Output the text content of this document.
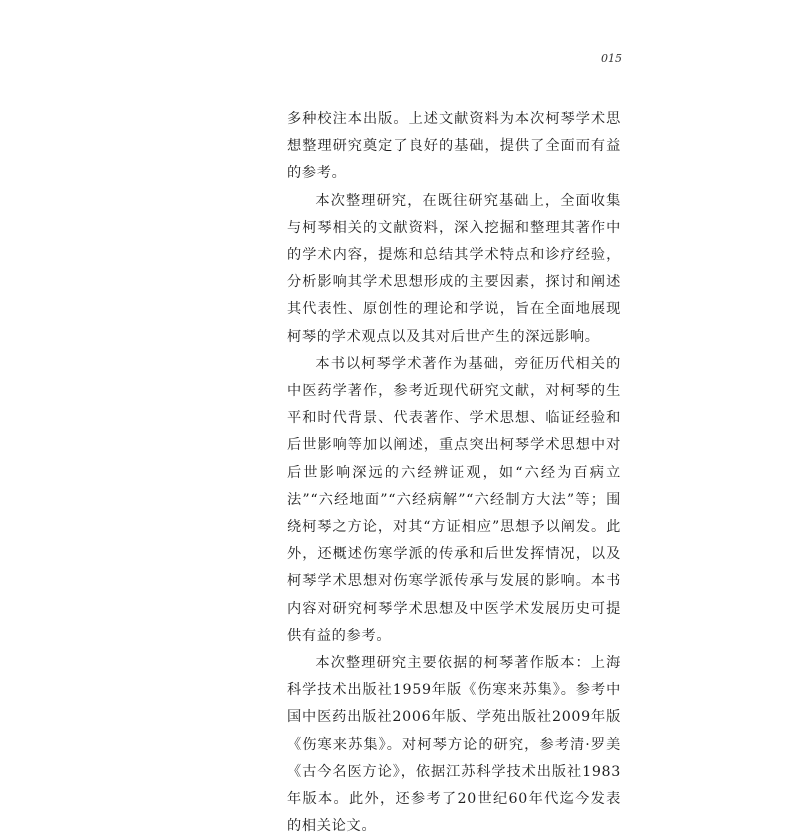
015

多种校注本出版。上述文献资料为本次柯琴学术思想整理研究奠定了良好的基础，提供了全面而有益的参考。

本次整理研究，在既往研究基础上，全面收集与柯琴相关的文献资料，深入挖掘和整理其著作中的学术内容，提炼和总结其学术特点和诊疗经验，分析影响其学术思想形成的主要因素，探讨和阐述其代表性、原创性的理论和学说，旨在全面地展现柯琴的学术观点以及其对后世产生的深远影响。

本书以柯琴学术著作为基础，旁征历代相关的中医药学著作，参考近现代研究文献，对柯琴的生平和时代背景、代表著作、学术思想、临证经验和后世影响等加以阐述，重点突出柯琴学术思想中对后世影响深远的六经辨证观，如“六经为百病立法”“六经地面”“六经病解”“六经制方大法”等；围绕柯琴之方论，对其“方证相应”思想予以阐发。此外，还概述伤寒学派的传承和后世发挥情况，以及柯琴学术思想对伤寒学派传承与发展的影响。本书内容对研究柯琴学术思想及中医学术发展历史可提供有益的参考。

本次整理研究主要依据的柯琴著作版本：上海科学技术出版社1959年版《伤寒来苏集》。参考中国中医药出版社2006年版、学苑出版社2009年版《伤寒来苏集》。对柯琴方论的研究，参考清·罗美《古今名医方论》，依据江苏科学技术出版社1983年版本。此外，还参考了20世纪60年代迄今发表的相关论文。
